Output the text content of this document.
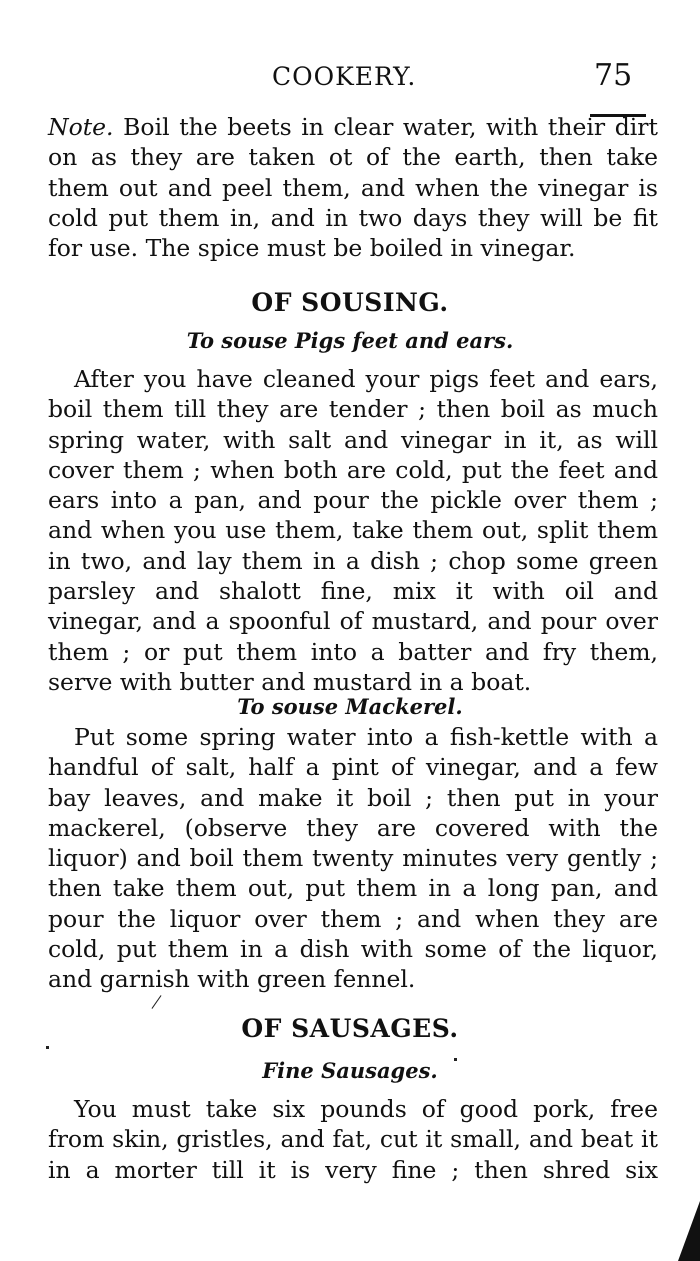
COOKERY.	75

Note. Boil the beets in clear water, with their dirt on as they are taken ot of the earth, then take them out and peel them, and when the vinegar is cold put them in, and in two days they will be fit for use. The spice must be boiled in vinegar.

OF SOUSING.
To souse Pigs feet and ears.

After you have cleaned your pigs feet and ears, boil them till they are tender ; then boil as much spring water, with salt and vinegar in it, as will cover them ; when both are cold, put the feet and ears into a pan, and pour the pickle over them ; and when you use them, take them out, split them in two, and lay them in a dish ; chop some green parsley and shalott fine, mix it with oil and vinegar, and a spoonful of mustard, and pour over them ; or put them into a batter and fry them, serve with butter and mustard in a boat.

To souse Mackerel.

Put some spring water into a fish-kettle with a handful of salt, half a pint of vinegar, and a few bay leaves, and make it boil ; then put in your mackerel, (observe they are covered with the liquor) and boil them twenty minutes very gently ; then take them out, put them in a long pan, and pour the liquor over them ; and when they are cold, put them in a dish with some of the liquor, and garnish with green fennel.

OF SAUSAGES.
Fine Sausages.

You must take six pounds of good pork, free from skin, gristles, and fat, cut it small, and beat it in a morter till it is very fine ; then shred six
